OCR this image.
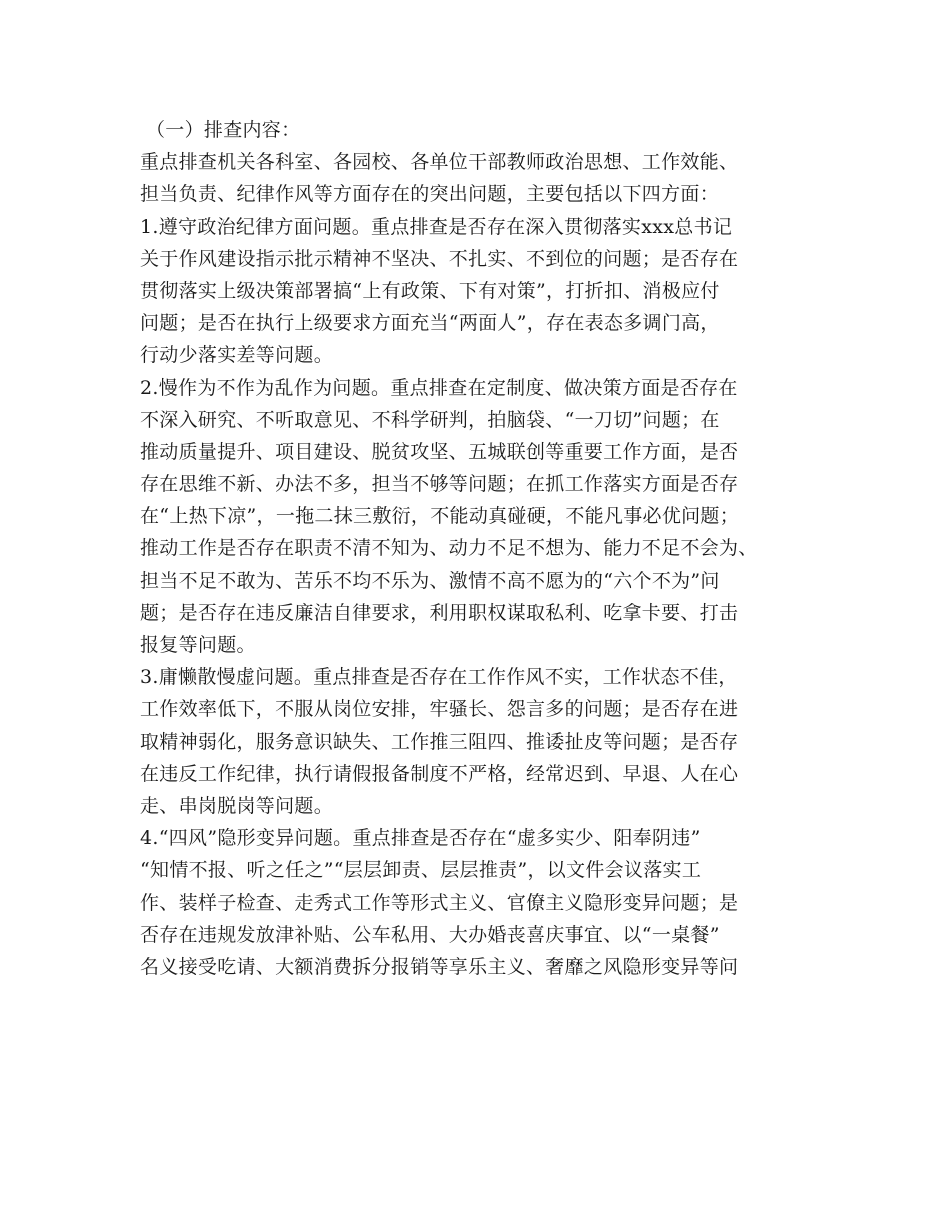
（一）排查内容：
重点排查机关各科室、各园校、各单位干部教师政治思想、工作效能、
担当负责、纪律作风等方面存在的突出问题，主要包括以下四方面：
1.遵守政治纪律方面问题。重点排查是否存在深入贯彻落实xxx总书记
关于作风建设指示批示精神不坚决、不扎实、不到位的问题；是否存在
贯彻落实上级决策部署搞“上有政策、下有对策”，打折扣、消极应付
问题；是否在执行上级要求方面充当“两面人”，存在表态多调门高，
行动少落实差等问题。
2.慢作为不作为乱作为问题。重点排查在定制度、做决策方面是否存在
不深入研究、不听取意见、不科学研判，拍脑袋、“一刀切”问题；在
推动质量提升、项目建设、脱贫攻坚、五城联创等重要工作方面，是否
存在思维不新、办法不多，担当不够等问题；在抓工作落实方面是否存
在“上热下凉”，一拖二抹三敷衍，不能动真碰硬，不能凡事必优问题；
推动工作是否存在职责不清不知为、动力不足不想为、能力不足不会为、
担当不足不敢为、苦乐不均不乐为、激情不高不愿为的“六个不为”问
题；是否存在违反廉洁自律要求，利用职权谋取私利、吃拿卡要、打击
报复等问题。
3.庸懒散慢虚问题。重点排查是否存在工作作风不实，工作状态不佳，
工作效率低下，不服从岗位安排，牢骚长、怨言多的问题；是否存在进
取精神弱化，服务意识缺失、工作推三阻四、推诿扯皮等问题；是否存
在违反工作纪律，执行请假报备制度不严格，经常迟到、早退、人在心
走、串岗脱岗等问题。
4.“四风”隐形变异问题。重点排查是否存在“虚多实少、阳奉阴违”
“知情不报、听之任之”“层层卸责、层层推责”，以文件会议落实工
作、装样子检查、走秀式工作等形式主义、官僚主义隐形变异问题；是
否存在违规发放津补贴、公车私用、大办婚丧喜庆事宜、以“一桌餐”
名义接受吃请、大额消费拆分报销等享乐主义、奢靡之风隐形变异等问
